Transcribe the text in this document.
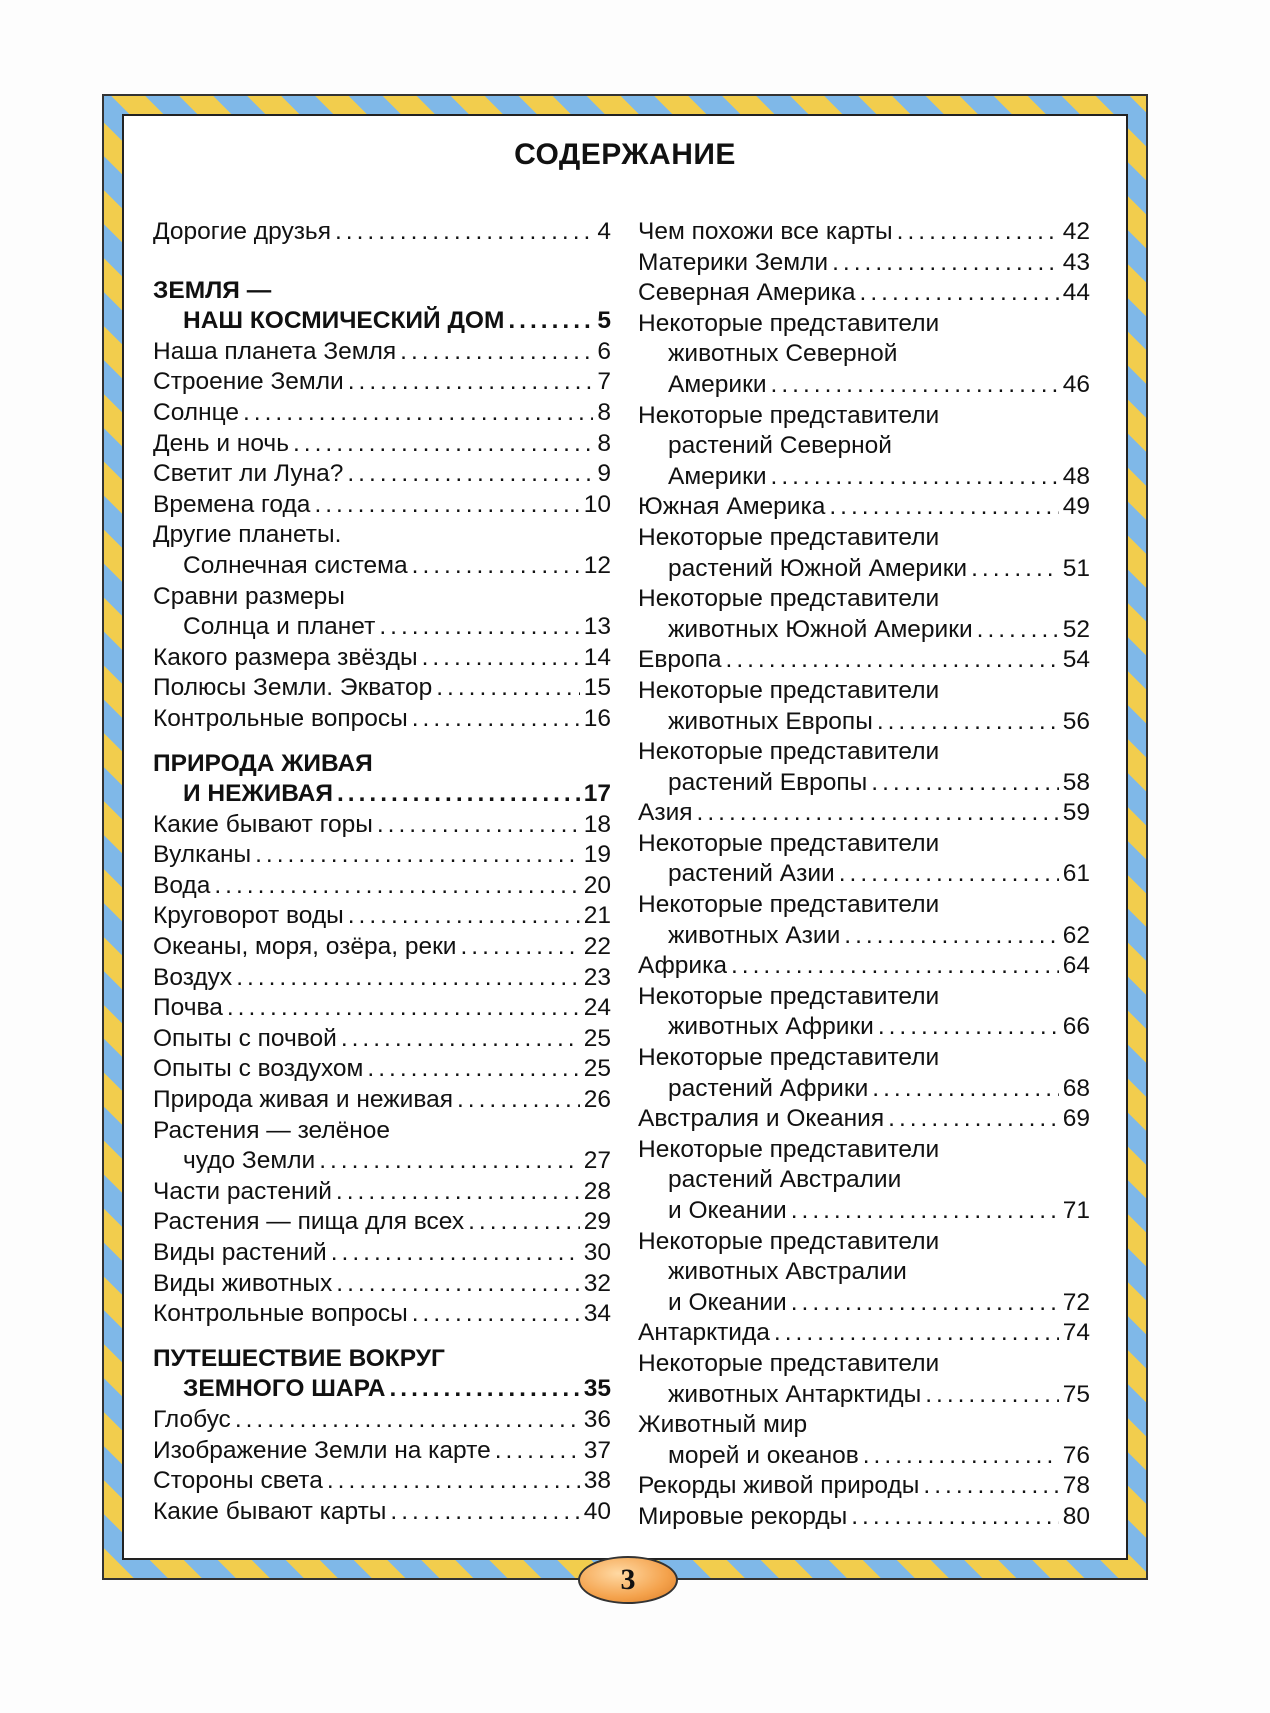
СОДЕРЖАНИЕ
Дорогие друзья .....	4
ЗЕМЛЯ —
НАШ КОСМИЧЕСКИЙ ДОМ .....	5
Наша планета Земля .....	6
Строение Земли .....	7
Солнце .....	8
День и ночь .....	8
Светит ли Луна? .....	9
Времена года .....	10
Другие планеты.
Солнечная система .....	12
Сравни размеры
Солнца и планет .....	13
Какого размера звёзды .....	14
Полюсы Земли. Экватор .....	15
Контрольные вопросы .....	16
ПРИРОДА ЖИВАЯ
И НЕЖИВАЯ .....	17
Какие бывают горы .....	18
Вулканы .....	19
Вода .....	20
Круговорот воды .....	21
Океаны, моря, озёра, реки .....	22
Воздух .....	23
Почва .....	24
Опыты с почвой .....	25
Опыты с воздухом .....	25
Природа живая и неживая .....	26
Растения — зелёное
чудо Земли .....	27
Части растений .....	28
Растения — пища для всех .....	29
Виды растений .....	30
Виды животных .....	32
Контрольные вопросы .....	34
ПУТЕШЕСТВИЕ ВОКРУГ
ЗЕМНОГО ШАРА .....	35
Глобус .....	36
Изображение Земли на карте .....	37
Стороны света .....	38
Какие бывают карты .....	40
Чем похожи все карты .....	42
Материки Земли .....	43
Северная Америка .....	44
Некоторые представители
животных Северной
Америки .....	46
Некоторые представители
растений Северной
Америки .....	48
Южная Америка .....	49
Некоторые представители
растений Южной Америки .....	51
Некоторые представители
животных Южной Америки .....	52
Европа .....	54
Некоторые представители
животных Европы .....	56
Некоторые представители
растений Европы .....	58
Азия .....	59
Некоторые представители
растений Азии .....	61
Некоторые представители
животных Азии .....	62
Африка .....	64
Некоторые представители
животных Африки .....	66
Некоторые представители
растений Африки .....	68
Австралия и Океания .....	69
Некоторые представители
растений Австралии
и Океании .....	71
Некоторые представители
животных Австралии
и Океании .....	72
Антарктида .....	74
Некоторые представители
животных Антарктиды .....	75
Животный мир
морей и океанов .....	76
Рекорды живой природы .....	78
Мировые рекорды .....	80
3
